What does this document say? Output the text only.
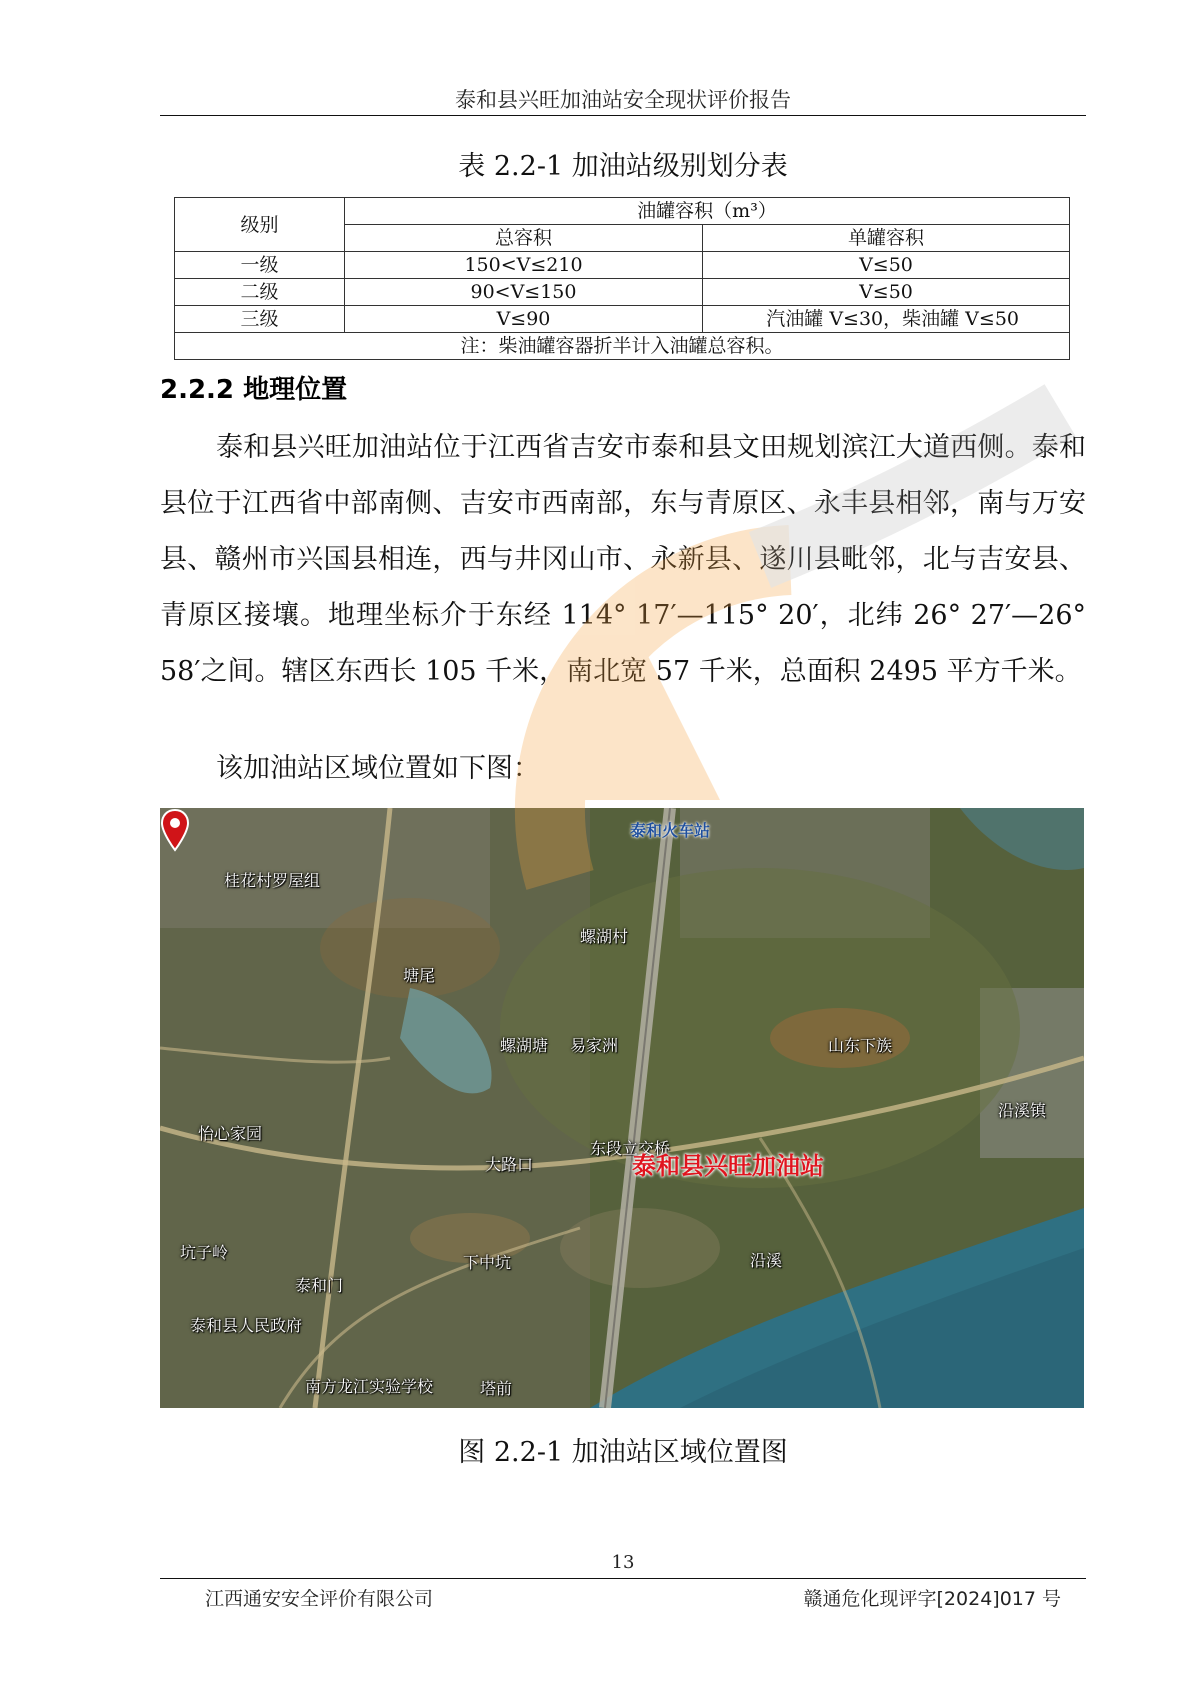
泰和县兴旺加油站安全现状评价报告
表 2.2-1 加油站级别划分表
级别	油罐容积（m³）	
	总容积	单罐容积
一级	150<V≤210	V≤50
二级	90<V≤150	V≤50
三级	V≤90	汽油罐 V≤30，柴油罐 V≤50
注：柴油罐容器折半计入油罐总容积。		
2.2.2 地理位置
泰和县兴旺加油站位于江西省吉安市泰和县文田规划滨江大道西侧。泰和县位于江西省中部南侧、吉安市西南部，东与青原区、永丰县相邻，南与万安县、赣州市兴国县相连，西与井冈山市、永新县、遂川县毗邻，北与吉安县、青原区接壤。地理坐标介于东经 114° 17′—115° 20′，北纬 26° 27′—26° 58′之间。辖区东西长 105 千米，南北宽 57 千米，总面积 2495 平方千米。
该加油站区域位置如下图：
泰和火车站
桂花村罗屋组
螺湖村
塘尾
螺湖塘 易家洲	山东下族
沿溪镇
怡心家园
大路口
东段立交桥
泰和县兴旺加油站
坑子岭
下中坑	沿溪
泰和门
泰和县人民政府
南方龙江实验学校	塔前
图 2.2-1 加油站区域位置图
13
江西通安安全评价有限公司	赣通危化现评字[2024]017 号
